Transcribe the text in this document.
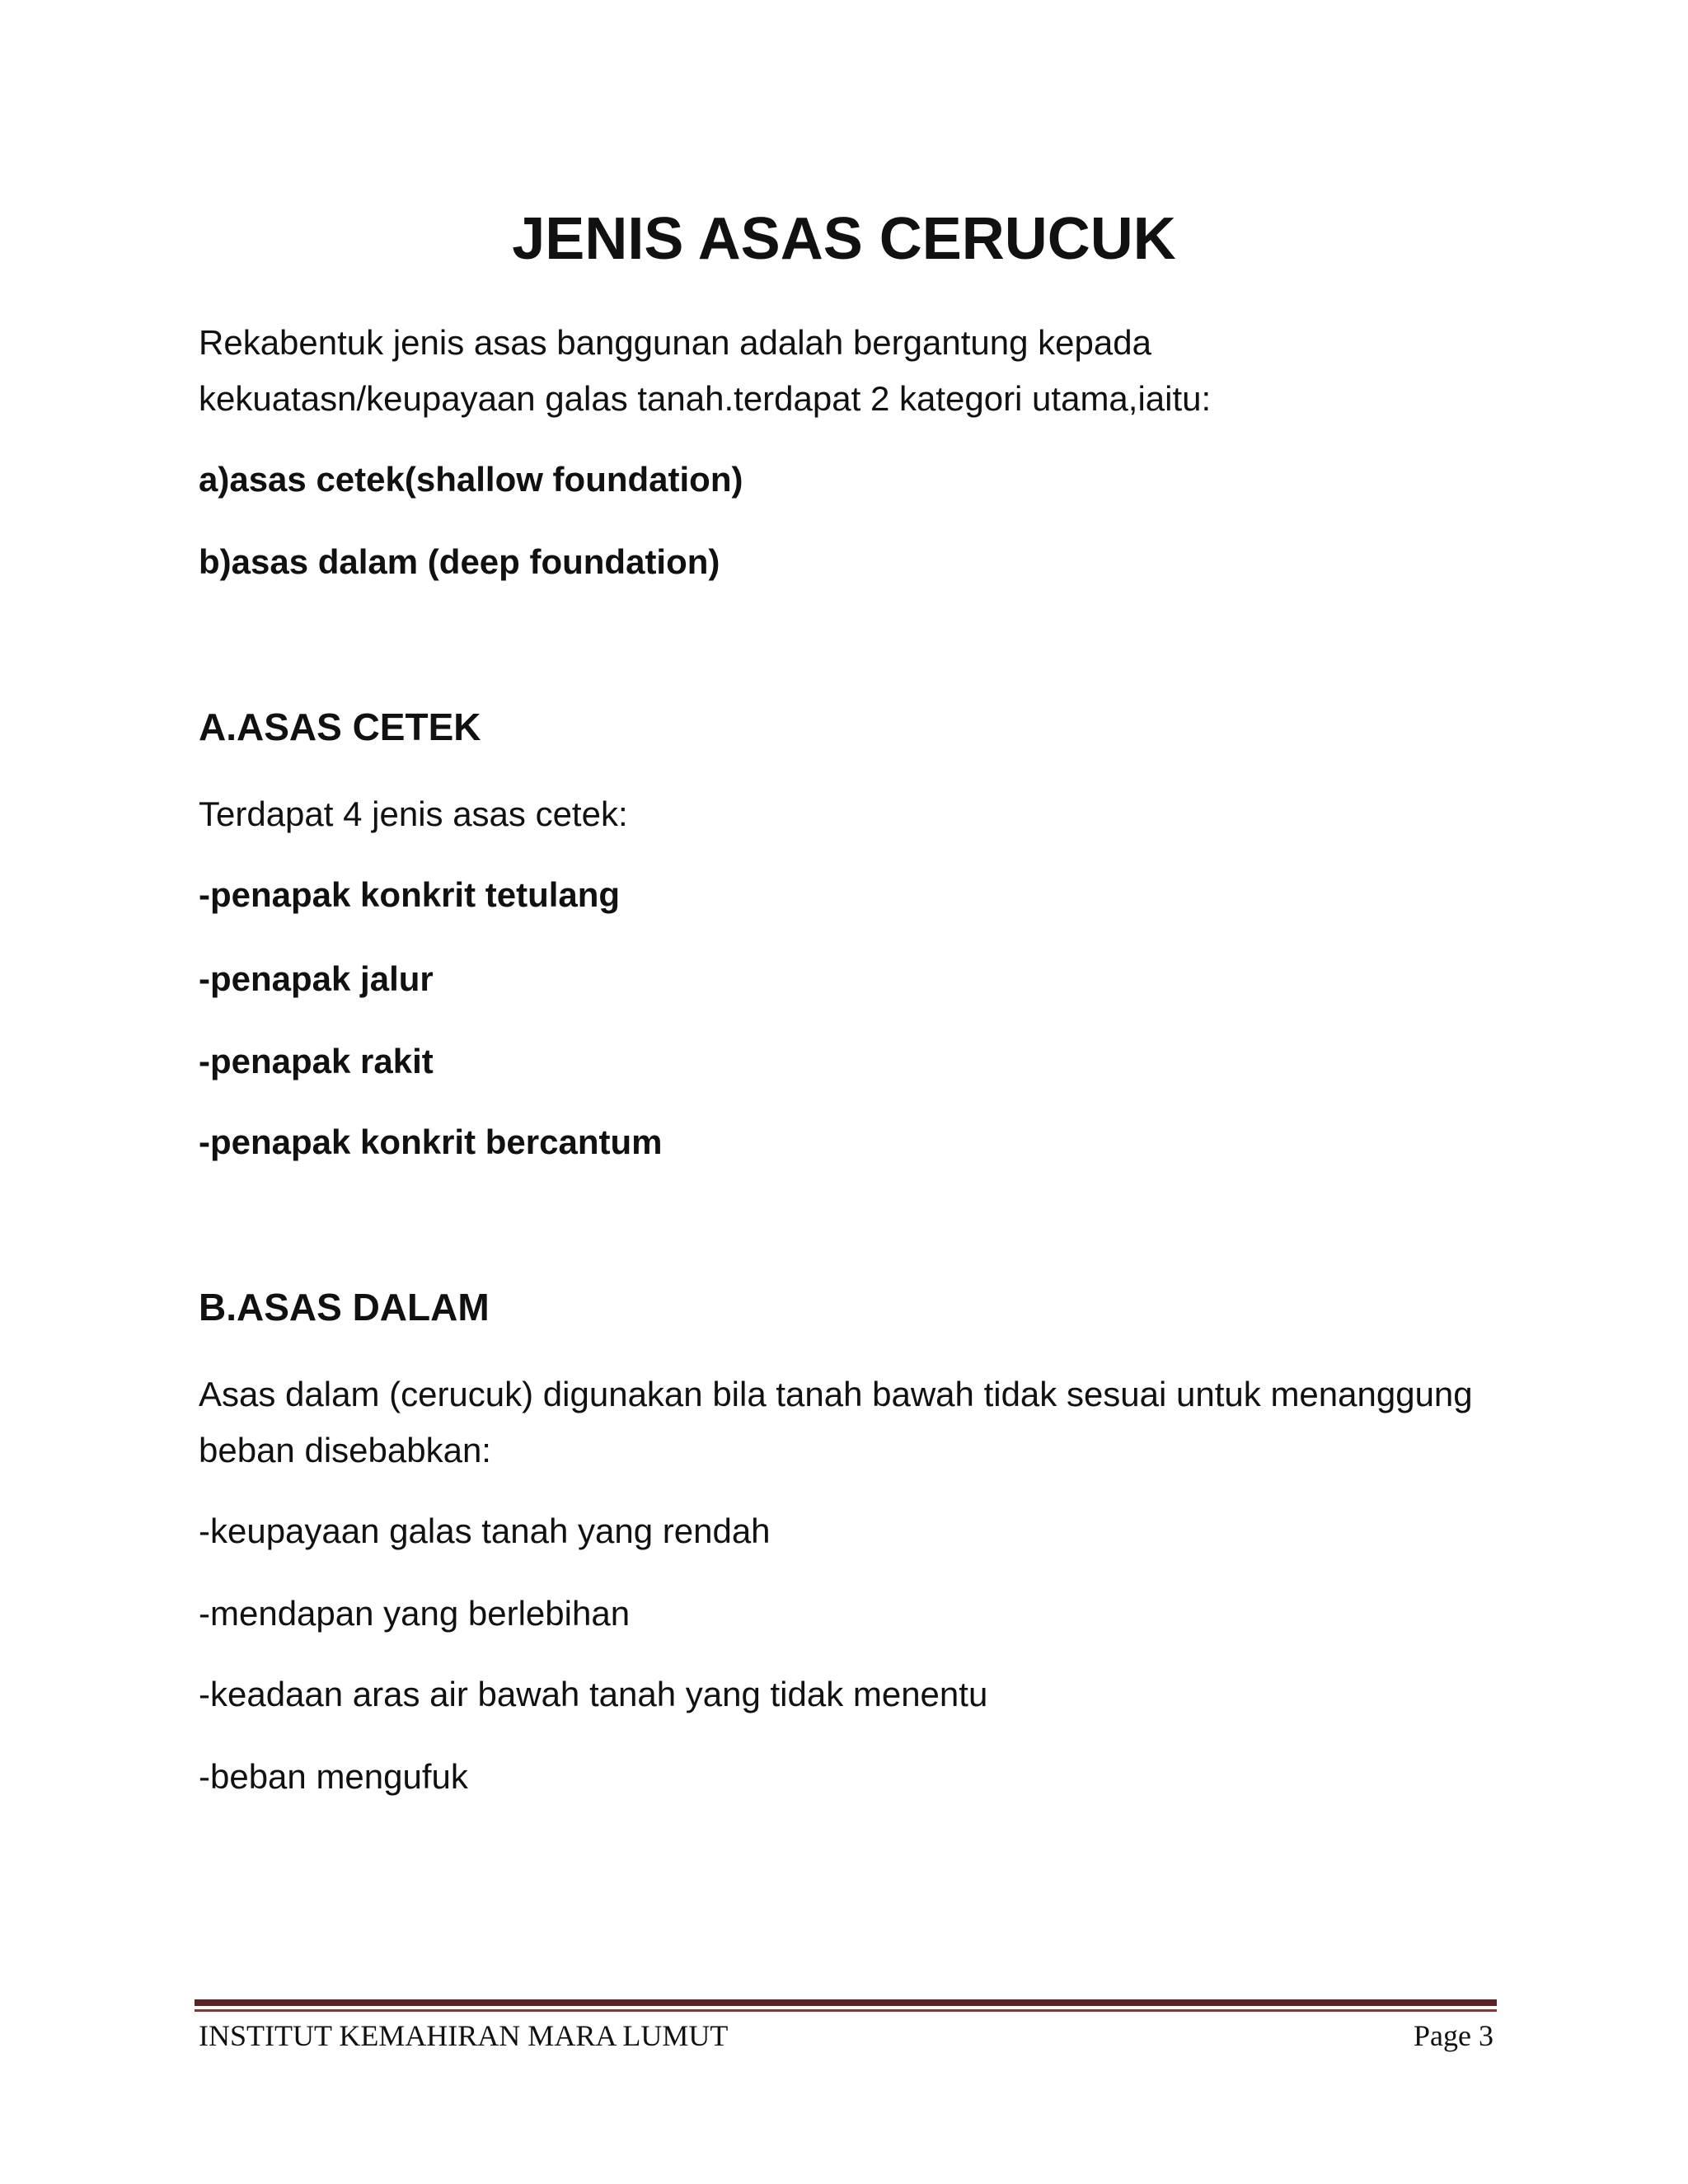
JENIS ASAS CERUCUK
Rekabentuk jenis asas banggunan adalah bergantung kepada
kekuatasn/keupayaan galas tanah.terdapat 2 kategori utama,iaitu:
a)asas cetek(shallow foundation)
b)asas dalam (deep foundation)
A.ASAS CETEK
Terdapat 4 jenis asas cetek:
-penapak konkrit tetulang
-penapak jalur
-penapak rakit
-penapak konkrit bercantum
B.ASAS DALAM
Asas dalam (cerucuk) digunakan bila tanah bawah tidak sesuai untuk menanggung
beban disebabkan:
-keupayaan galas tanah yang rendah
-mendapan yang berlebihan
-keadaan aras air bawah tanah yang tidak menentu
-beban mengufuk
INSTITUT KEMAHIRAN MARA LUMUT	Page 3
